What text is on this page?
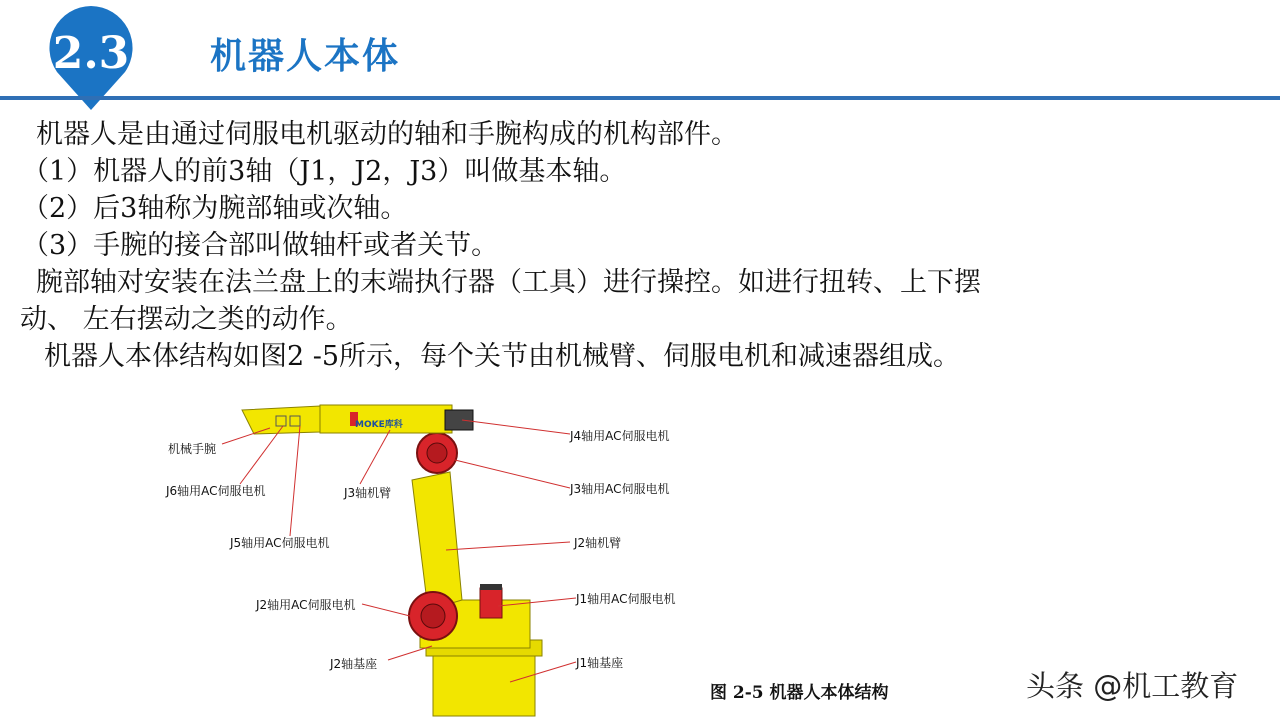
2.3 机器人本体
机器人是由通过伺服电机驱动的轴和手腕构成的机构部件。
（1）机器人的前3轴（J1，J2，J3）叫做基本轴。
（2）后3轴称为腕部轴或次轴。
（3）手腕的接合部叫做轴杆或者关节。
腕部轴对安装在法兰盘上的末端执行器（工具）进行操控。如进行扭转、上下摆
动、 左右摆动之类的动作。
机器人本体结构如图2 -5所示，每个关节由机械臂、伺服电机和减速器组成。
MOKE库科
机械手腕
J6轴用AC伺服电机
J5轴用AC伺服电机
J3轴机臂
J4轴用AC伺服电机
J3轴用AC伺服电机
J2轴机臂
J2轴用AC伺服电机	J1轴用AC伺服电机
J2轴基座	J1轴基座
图 2-5 机器人本体结构	头条 @机工教育
